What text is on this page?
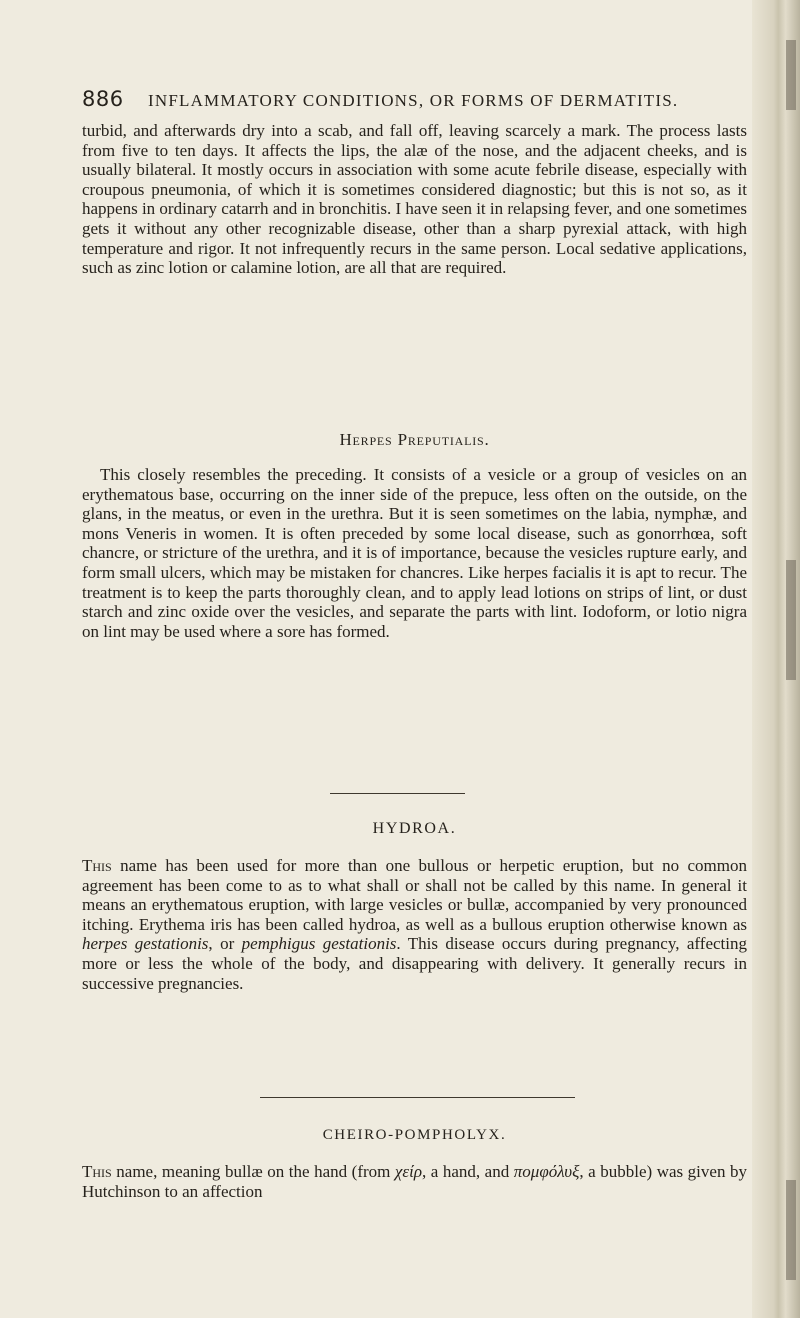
886 INFLAMMATORY CONDITIONS, OR FORMS OF DERMATITIS.

turbid, and afterwards dry into a scab, and fall off, leaving scarcely a mark. The process lasts from five to ten days. It affects the lips, the alæ of the nose, and the adjacent cheeks, and is usually bilateral. It mostly occurs in association with some acute febrile disease, especially with croupous pneumonia, of which it is sometimes considered diagnostic; but this is not so, as it happens in ordinary catarrh and in bronchitis. I have seen it in relapsing fever, and one sometimes gets it without any other recognizable disease, other than a sharp pyrexial attack, with high temperature and rigor. It not infrequently recurs in the same person. Local sedative applications, such as zinc lotion or calamine lotion, are all that are required.

Herpes Preputialis.

This closely resembles the preceding. It consists of a vesicle or a group of vesicles on an erythematous base, occurring on the inner side of the prepuce, less often on the outside, on the glans, in the meatus, or even in the urethra. But it is seen sometimes on the labia, nymphæ, and mons Veneris in women. It is often preceded by some local disease, such as gonorrhœa, soft chancre, or stricture of the urethra, and it is of importance, because the vesicles rupture early, and form small ulcers, which may be mistaken for chancres. Like herpes facialis it is apt to recur. The treatment is to keep the parts thoroughly clean, and to apply lead lotions on strips of lint, or dust starch and zinc oxide over the vesicles, and separate the parts with lint. Iodoform, or lotio nigra on lint may be used where a sore has formed.

HYDROA.

This name has been used for more than one bullous or herpetic eruption, but no common agreement has been come to as to what shall or shall not be called by this name. In general it means an erythematous eruption, with large vesicles or bullæ, accompanied by very pronounced itching. Erythema iris has been called hydroa, as well as a bullous eruption otherwise known as herpes gestationis, or pemphigus gestationis. This disease occurs during pregnancy, affecting more or less the whole of the body, and disappearing with delivery. It generally recurs in successive pregnancies.

CHEIRO-POMPHOLYX.

This name, meaning bullæ on the hand (from χείρ, a hand, and πομφόλυξ, a bubble) was given by Hutchinson to an affection
